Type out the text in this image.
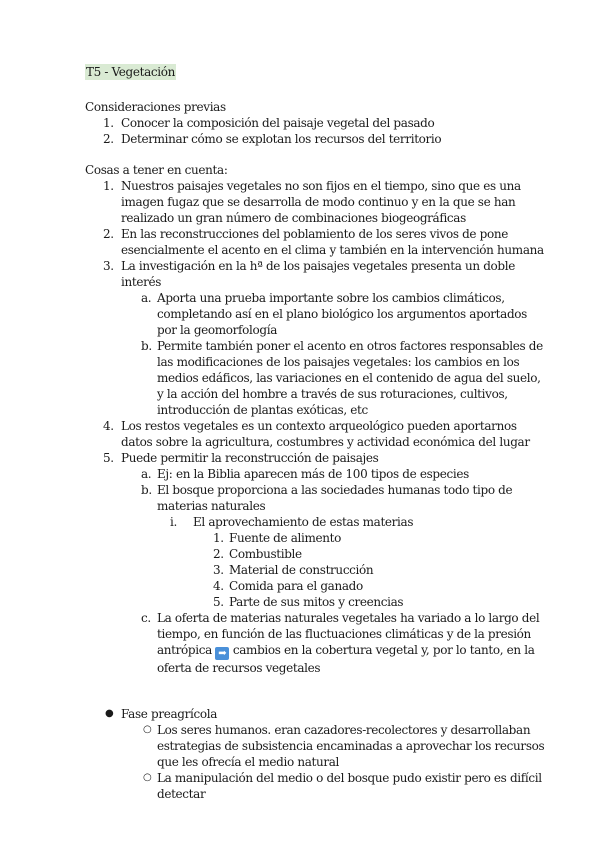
T5 - Vegetación
Consideraciones previas
1. Conocer la composición del paisaje vegetal del pasado
2. Determinar cómo se explotan los recursos del territorio
Cosas a tener en cuenta:
1. Nuestros paisajes vegetales no son fijos en el tiempo, sino que es una imagen fugaz que se desarrolla de modo continuo y en la que se han realizado un gran número de combinaciones biogeográficas
2. En las reconstrucciones del poblamiento de los seres vivos de pone esencialmente el acento en el clima y también en la intervención humana
3. La investigación en la hª de los paisajes vegetales presenta un doble interés
a. Aporta una prueba importante sobre los cambios climáticos, completando así en el plano biológico los argumentos aportados por la geomorfología
b. Permite también poner el acento en otros factores responsables de las modificaciones de los paisajes vegetales: los cambios en los medios edáficos, las variaciones en el contenido de agua del suelo, y la acción del hombre a través de sus roturaciones, cultivos, introducción de plantas exóticas, etc
4. Los restos vegetales es un contexto arqueológico pueden aportarnos datos sobre la agricultura, costumbres y actividad económica del lugar
5. Puede permitir la reconstrucción de paisajes
a. Ej: en la Biblia aparecen más de 100 tipos de especies
b. El bosque proporciona a las sociedades humanas todo tipo de materias naturales
i. El aprovechamiento de estas materias
1. Fuente de alimento
2. Combustible
3. Material de construcción
4. Comida para el ganado
5. Parte de sus mitos y creencias
c. La oferta de materias naturales vegetales ha variado a lo largo del tiempo, en función de las fluctuaciones climáticas y de la presión antrópica ➡ cambios en la cobertura vegetal y, por lo tanto, en la oferta de recursos vegetales
● Fase preagrícola
○ Los seres humanos. eran cazadores-recolectores y desarrollaban estrategias de subsistencia encaminadas a aprovechar los recursos que les ofrecía el medio natural
○ La manipulación del medio o del bosque pudo existir pero es difícil detectar
